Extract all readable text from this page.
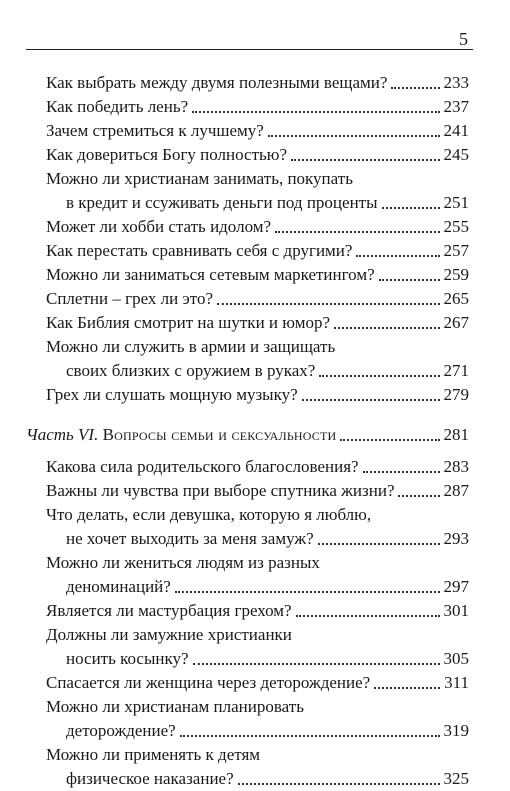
5
Как выбрать между двумя полезными вещами?	233
Как победить лень?	237
Зачем стремиться к лучшему?	241
Как довериться Богу полностью?	245
Можно ли христианам занимать, покупать
в кредит и ссуживать деньги под проценты	251
Может ли хобби стать идолом?	255
Как перестать сравнивать себя с другими?	257
Можно ли заниматься сетевым маркетингом?	259
Сплетни – грех ли это?	265
Как Библия смотрит на шутки и юмор?	267
Можно ли служить в армии и защищать
своих близких с оружием в руках?	271
Грех ли слушать мощную музыку?	279
Часть VI. Вопросы семьи и сексуальности	281
Какова сила родительского благословения?	283
Важны ли чувства при выборе спутника жизни?	287
Что делать, если девушка, которую я люблю,
не хочет выходить за меня замуж?	293
Можно ли жениться людям из разных
деноминаций?	297
Является ли мастурбация грехом?	301
Должны ли замужние христианки
носить косынку?	305
Спасается ли женщина через деторождение?	311
Можно ли христианам планировать
деторождение?	319
Можно ли применять к детям
физическое наказание?	325
